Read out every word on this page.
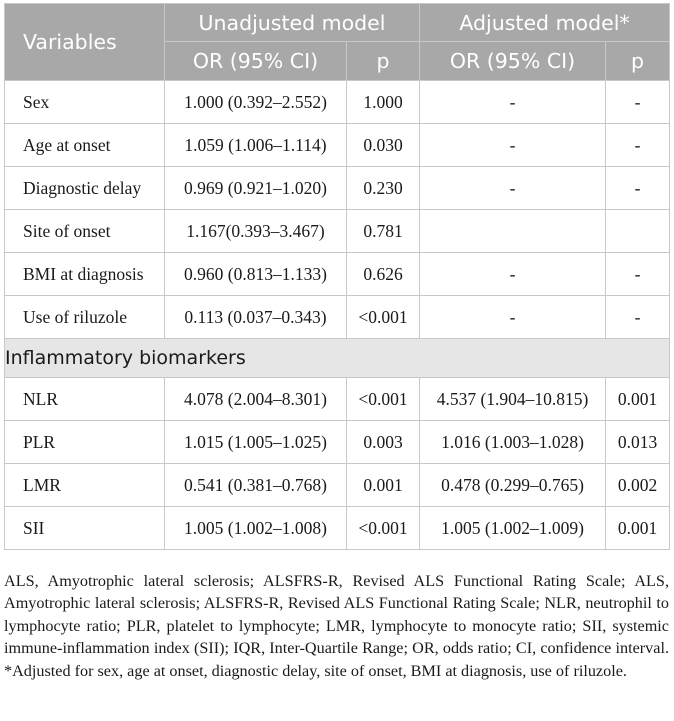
Variables	Unadjusted model		Adjusted model*	
	OR (95% CI)	p	OR (95% CI)	p
Sex	1.000 (0.392–2.552)	1.000	-	-
Age at onset	1.059 (1.006–1.114)	0.030	-	-
Diagnostic delay	0.969 (0.921–1.020)	0.230	-	-
Site of onset	1.167(0.393–3.467)	0.781		
BMI at diagnosis	0.960 (0.813–1.133)	0.626	-	-
Use of riluzole	0.113 (0.037–0.343)	<0.001	-	-
Inflammatory biomarkers				
NLR	4.078 (2.004–8.301)	<0.001	4.537 (1.904–10.815)	0.001
PLR	1.015 (1.005–1.025)	0.003	1.016 (1.003–1.028)	0.013
LMR	0.541 (0.381–0.768)	0.001	0.478 (0.299–0.765)	0.002
SII	1.005 (1.002–1.008)	<0.001	1.005 (1.002–1.009)	0.001

ALS, Amyotrophic lateral sclerosis; ALSFRS-R, Revised ALS Functional Rating Scale; ALS, Amyotrophic lateral sclerosis; ALSFRS-R, Revised ALS Functional Rating Scale; NLR, neutrophil to lymphocyte ratio; PLR, platelet to lymphocyte; LMR, lymphocyte to monocyte ratio; SII, systemic immune-inflammation index (SII); IQR, Inter-Quartile Range; OR, odds ratio; CI, confidence interval. *Adjusted for sex, age at onset, diagnostic delay, site of onset, BMI at diagnosis, use of riluzole.
